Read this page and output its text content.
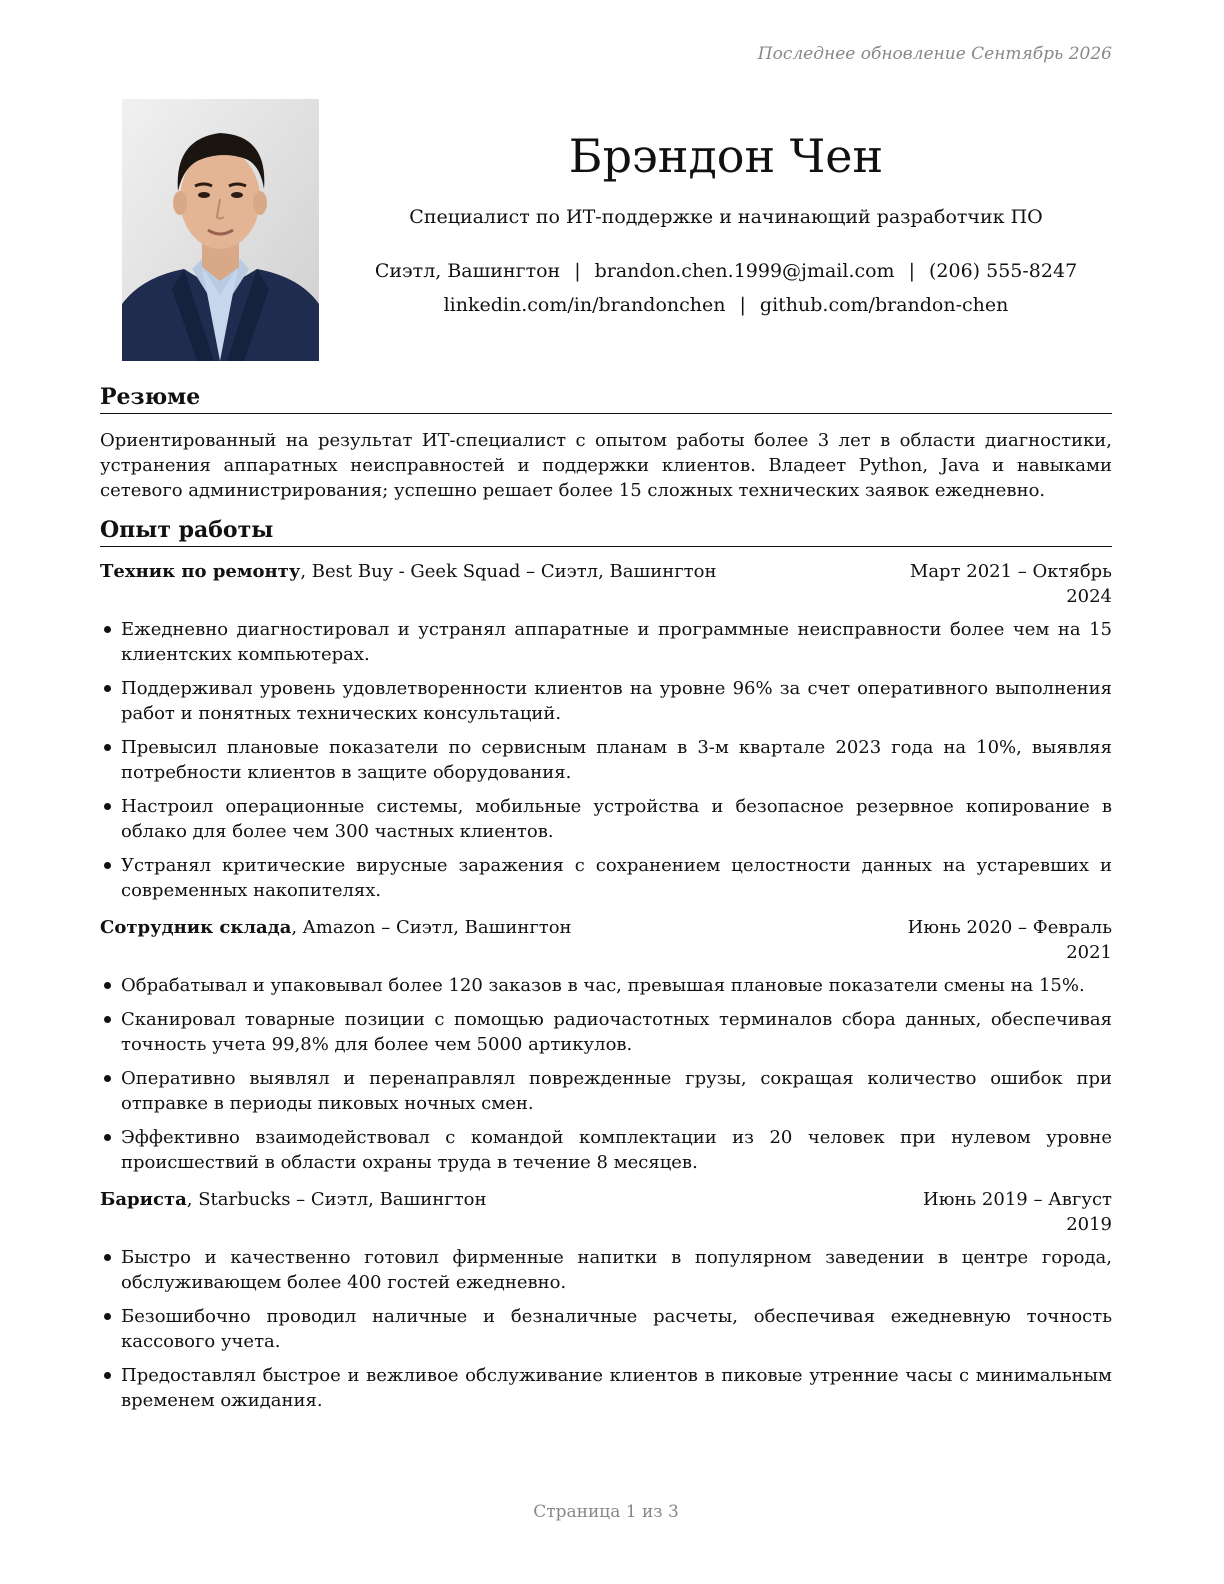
Последнее обновление Сентябрь 2026
Брэндон Чен
Специалист по ИТ-поддержке и начинающий разработчик ПО
Сиэтл, Вашингтон | brandon.chen.1999@jmail.com | (206) 555-8247
linkedin.com/in/brandonchen | github.com/brandon-chen
Резюме

Ориентированный на результат ИТ-специалист с опытом работы более 3 лет в области диагностики, устранения аппаратных неисправностей и поддержки клиентов. Владеет Python, Java и навыками сетевого администрирования; успешно решает более 15 сложных технических заявок ежедневно.

Опыт работы
Техник по ремонту, Best Buy - Geek Squad – Сиэтл, Вашингтон	Март 2021 – Октябрь 2024
Ежедневно диагностировал и устранял аппаратные и программные неисправности более чем на 15 клиентских компьютерах.
Поддерживал уровень удовлетворенности клиентов на уровне 96% за счет оперативного выполнения работ и понятных технических консультаций.
Превысил плановые показатели по сервисным планам в 3-м квартале 2023 года на 10%, выявляя потребности клиентов в защите оборудования.
Настроил операционные системы, мобильные устройства и безопасное резервное копирование в облако для более чем 300 частных клиентов.
Устранял критические вирусные заражения с сохранением целостности данных на устаревших и современных накопителях.
Сотрудник склада, Amazon – Сиэтл, Вашингтон	Июнь 2020 – Февраль 2021
Обрабатывал и упаковывал более 120 заказов в час, превышая плановые показатели смены на 15%.
Сканировал товарные позиции с помощью радиочастотных терминалов сбора данных, обеспечивая точность учета 99,8% для более чем 5000 артикулов.
Оперативно выявлял и перенаправлял поврежденные грузы, сокращая количество ошибок при отправке в периоды пиковых ночных смен.
Эффективно взаимодействовал с командой комплектации из 20 человек при нулевом уровне происшествий в области охраны труда в течение 8 месяцев.
Бариста, Starbucks – Сиэтл, Вашингтон	Июнь 2019 – Август 2019
Быстро и качественно готовил фирменные напитки в популярном заведении в центре города, обслуживающем более 400 гостей ежедневно.
Безошибочно проводил наличные и безналичные расчеты, обеспечивая ежедневную точность кассового учета.
Предоставлял быстрое и вежливое обслуживание клиентов в пиковые утренние часы с минимальным временем ожидания.
Страница 1 из 3
